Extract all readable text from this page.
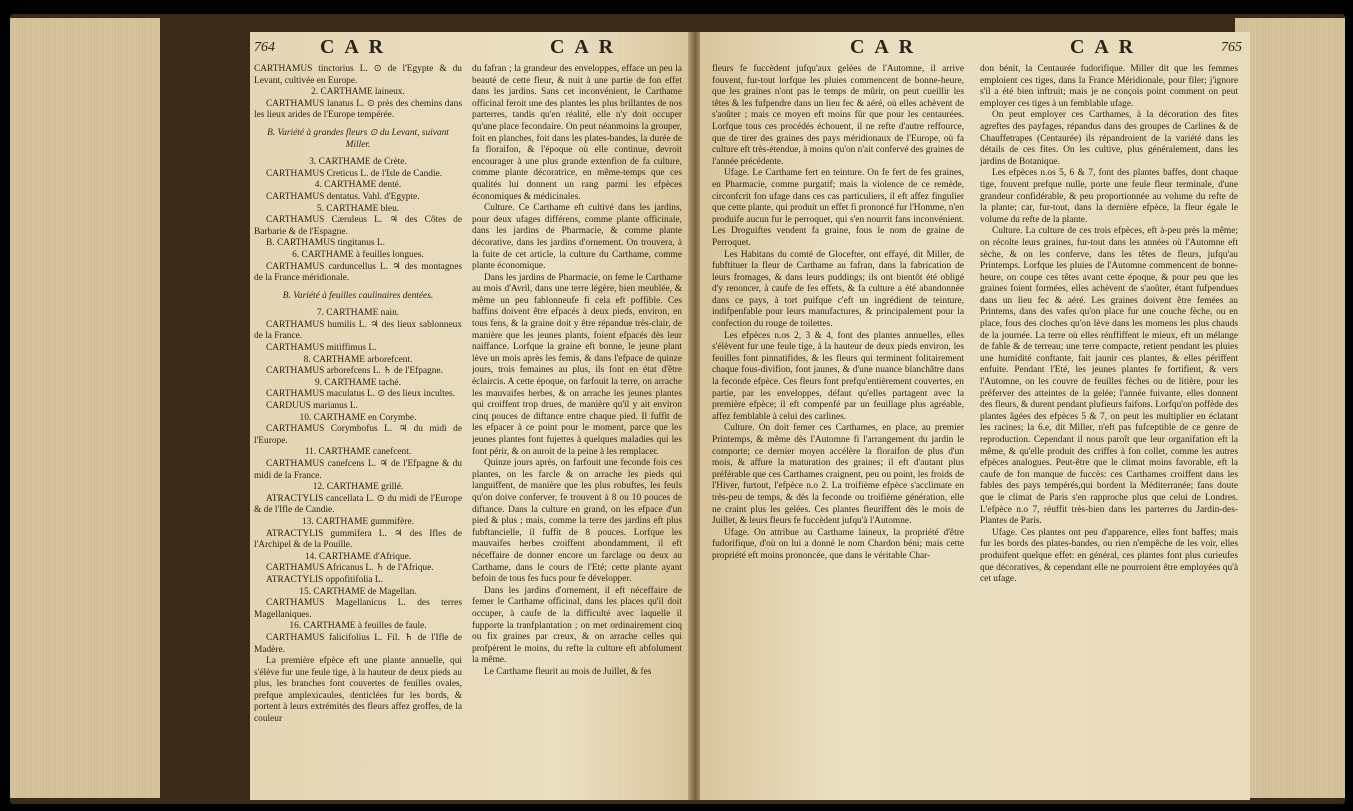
764 C A R	C A R

CARTHAMUS tinctorius L. ⊙ de l'Egypte & du Levant, cultivée en Europe.

2. CARTHAME laineux.

CARTHAMUS lanatus L. ⊙ près des chemins dans les lieux arides de l'Europe tempérée.

B. Variété à grandes fleurs ⊙ du Levant, suivant Miller.

3. CARTHAME de Crète.

CARTHAMUS Creticus L. de l'Isle de Candie.

4. CARTHAME denté.

CARTHAMUS dentatus. Vahl. d'Egypte.

5. CARTHAME bleu.

CARTHAMUS Cæruleus L. ♃ des Côtes de Barbarie & de l'Espagne.

B. CARTHAMUS tingitanus L.

6. CARTHAME à feuilles longues.

CARTHAMUS carduncellus L. ♃ des montagnes de la France méridionale.

B. Variété à feuilles caulinaires dentées.

7. CARTHAME nain.

CARTHAMUS humilis L. ♃ des lieux sablonneux de la France.

CARTHAMUS mitiffimus L.

8. CARTHAME arborefcent.

CARTHAMUS arborefcens L. ♄ de l'Efpagne.

9. CARTHAME taché.

CARTHAMUS maculatus L. ⊙ des lieux incultes.

CARDUUS marianus L.

10. CARTHAME en Corymbe.

CARTHAMUS Corymbofus L. ♃ du midi de l'Europe.

11. CARTHAME canefcent.

CARTHAMUS canefcens L. ♃ de l'Efpagne & du midi de la France.

12. CARTHAME grillé.

ATRACTYLIS cancellata L. ⊙ du midi de l'Europe & de l'Ifle de Candie.

13. CARTHAME gummifère.

ATRACTYLIS gummifera L. ♃ des Ifles de l'Archipel & de la Pouille.

14. CARTHAME d'Afrique.

CARTHAMUS Africanus L. ♄ de l'Afrique.

ATRACTYLIS oppofitifolia L.

15. CARTHAME de Magellan.

CARTHAMUS Magellanicus L. des terres Magellaniques.

16. CARTHAME à feuilles de faule.

CARTHAMUS falicifolius L. Fil. ♄ de l'Ifle de Madère.

La première efpèce eft une plante annuelle, qui s'élève fur une feule tige, à la hauteur de deux pieds au plus, les branches font couvertes de feuilles ovales, prefque amplexicaules, denticlées fur les bords, & portent à leurs extrémités des fleurs affez groffes, de la couleur

du fafran ; la grandeur des enveloppes, efface un peu la beauté de cette fleur, & nuit à une partie de fon effet dans les jardins. Sans cet inconvénient, le Carthame officinal feroit une des plantes les plus brillantes de nos parterres, tandis qu'en réalité, elle n'y doit occuper qu'une place fecondaire. On peut néanmoins la grouper, foit en planches, foit dans les plates-bandes, la durée de fa floraifon, & l'époque où elle continue, devroit encourager à une plus grande extenfion de fa culture, comme plante décoratrice, en même-temps que ces qualités lui donnent un rang parmi les efpèces économiques & médicinales.

Culture. Ce Carthame eft cultivé dans les jardins, pour deux ufages différens, comme plante officinale, dans les jardins de Pharmacie, & comme plante décorative, dans les jardins d'ornement. On trouvera, à la fuite de cet article, la culture du Carthame, comme plante économique.

Dans les jardins de Pharmacie, on feme le Carthame au mois d'Avril, dans une terre légère, bien meublée, & même un peu fablonneufe fi cela eft poffible. Ces baffins doivent être efpacés à deux pieds, environ, en tous fens, & la graine doit y être répandue très-clair, de manière que les jeunes plants, foient efpacés dès leur naiffance. Lorfque la graine eft bonne, le jeune plant lève un mois après les femis, & dans l'efpace de quinze jours, trois femaines au plus, ils font en état d'être éclaircis. A cette époque, on farfouit la terre, on arrache les mauvaifes herbes, & on arrache les jeunes plantes qui croiffent trop drues, de manière qu'il y ait environ cinq pouces de diftance entre chaque pied. Il fuffit de les efpacer à ce point pour le moment, parce que les jeunes plantes font fujettes à quelques maladies qui les font périr, & on auroit de la peine à les remplacer.

Quinze jours après, on farfouit une feconde fois ces plantes, on les farcle & on arrache les pieds qui languiffent, de manière que les plus robuftes, les feuls qu'on doive conferver, fe trouvent à 8 ou 10 pouces de diftance. Dans la culture en grand, on les efpace d'un pied & plus ; mais, comme la terre des jardins eft plus fubftancielle, il fuffit de 8 pouces. Lorfque les mauvaifes herbes croiffent abondamment, il eft néceffaire de donner encore un farclage ou deux au Carthame, dans le cours de l'Eté; cette plante ayant befoin de tous fes fucs pour fe développer.

Dans les jardins d'ornement, il eft néceffaire de femer le Carthame officinal, dans les places qu'il doit occuper, à caufe de la difficulté avec laquelle il fupporte la tranfplantation ; on met ordinairement cinq ou fix graines par creux, & on arrache celles qui profpèrent le moins, du refte la culture eft abfolument la même.

Le Carthame fleurit au mois de Juillet, & fes

C A R	C A R	765

fleurs fe fuccèdent jufqu'aux gelées de l'Automne, il arrive fouvent, fur-tout lorfque les pluies commencent de bonne-heure, que les graines n'ont pas le temps de mûrir, on peut cueillir les têtes & les fufpendre dans un lieu fec & aéré, où elles achèvent de s'aoûter ; mais ce moyen eft moins fûr que pour les centaurées. Lorfque tous ces procédés échouent, il ne refte d'autre reffource, que de tirer des graines des pays méridionaux de l'Europe, où fa culture eft très-étendue, à moins qu'on n'ait confervé des graines de l'année précédente.

Ufage. Le Carthame fert en teinture. On fe fert de fes graines, en Pharmacie, comme purgatif; mais la violence de ce remède, circonfcrit fon ufage dans ces cas particuliers, il eft affez fingulier que cette plante, qui produit un effet fi prononcé fur l'Homme, n'en produife aucun fur le perroquet, qui s'en nourrit fans inconvénient. Les Droguiftes vendent fa graine, fous le nom de graine de Perroquet.

Les Habitans du comté de Glocefter, ont effayé, dit Miller, de fubftituer la fleur de Carthame au fafran, dans la fabrication de leurs fromages, & dans leurs puddings; ils ont bientôt été obligé d'y renoncer, à caufe de fes effets, & fa culture a été abandonnée dans ce pays, à tort puifque c'eft un ingrédient de teinture, indifpenfable pour leurs manufactures, & principalement pour la confection du rouge de toilettes.

Les efpèces n.os 2, 3 & 4, font des plantes annuelles, elles s'élèvent fur une feule tige, à la hauteur de deux pieds environ, les feuilles font pinnatifides, & les fleurs qui terminent folitairement chaque fous-divifion, font jaunes, & d'une nuance blanchâtre dans la feconde efpèce. Ces fleurs font prefqu'entièrement couvertes, en partie, par les enveloppes, défaut qu'elles partagent avec la première efpèce; il eft compenfé par un feuillage plus agréable, affez femblable à celui des carlines.

Culture. On doit femer ces Carthames, en place, au premier Printemps, & même dès l'Automne fi l'arrangement du jardin le comporte; ce dernier moyen accélère la floraifon de plus d'un mois, & affure la maturation des graines; il eft d'autant plus préférable que ces Carthames craignent, peu ou point, les froids de l'Hiver, furtout, l'efpèce n.o 2. La troifième efpèce s'acclimate en très-peu de temps, & dès la feconde ou troifième génération, elle ne craint plus les gelées. Ces plantes fleuriffent dès le mois de Juillet, & leurs fleurs fe fuccèdent jufqu'à l'Automne.

Ufage. On attribue au Carthame laineux, la propriété d'être fudorifique, d'où on lui a donné le nom Chardon béni; mais cette propriété eft moins prononcée, que dans le véritable Char-

don bénit, la Centaurée fudorifique. Miller dit que les femmes emploient ces tiges, dans la France Méridionale, pour filer; j'ignore s'il a été bien inftruit; mais je ne conçois point comment on peut employer ces tiges à un femblable ufage.

On peut employer ces Carthames, à la décoration des fites agreftes des payfages, répandus dans des groupes de Carlines & de Chauffetrapes (Centaurée) ils répandroient de la variété dans les détails de ces fites. On les cultive, plus généralement, dans les jardins de Botanique.

Les efpèces n.os 5, 6 & 7, font des plantes baffes, dont chaque tige, fouvent prefque nulle, porte une feule fleur terminale, d'une grandeur confidérable, & peu proportionnée au volume du refte de la plante; car, fur-tout, dans la dernière efpèce, la fleur égale le volume du refte de la plante.

Culture. La culture de ces trois efpèces, eft à-peu près la même; on récolte leurs graines, fur-tout dans les années où l'Automne eft sèche, & on les conferve, dans les têtes de fleurs, jufqu'au Printemps. Lorfque les pluies de l'Automne commencent de bonne-heure, on coupe ces têtes avant cette époque, & pour peu que les graines foient formées, elles achèvent de s'aoûter, étant fufpendues dans un lieu fec & aéré. Les graines doivent être femées au Printems, dans des vafes qu'on place fur une couche fèche, ou en place, fous des cloches qu'on lève dans les momens les plus chauds de la journée. La terre où elles réuffiffent le mieux, eft un mélange de fable & de terreau; une terre compacte, retient pendant les pluies une humidité conftante, fait jaunir ces plantes, & elles périffent enfuite. Pendant l'Eté, les jeunes plantes fe fortifient, & vers l'Automne, on les couvre de feuilles fèches ou de litière, pour les préferver des atteintes de la gelée; l'année fuivante, elles donnent des fleurs, & durent pendant plufieurs faifons. Lorfqu'on poffède des plantes âgées des efpèces 5 & 7, on peut les multiplier en éclatant les racines; la 6.e, dit Miller, n'eft pas fufceptible de ce genre de reproduction. Cependant il nous paroît que leur organifation eft la même, & qu'elle produit des criffes à fon collet, comme les autres efpèces analogues. Peut-être que le climat moins favorable, eft la caufe de fon manque de fuccès: ces Carthames croiffent dans les fables des pays tempérés,qui bordent la Méditerranée; fans doute que le climat de Paris s'en rapproche plus que celui de Londres. L'efpèce n.o 7, réuffit très-bien dans les parterres du Jardin-des-Plantes de Paris.

Ufage. Ces plantes ont peu d'apparence, elles font baffes; mais fur les bords des plates-bandes, ou rien n'empêche de les voir, elles produifent quelque effet: en général, ces plantes font plus curieufes que décoratives, & cependant elle ne pourroient être employées qu'à cet ufage.
